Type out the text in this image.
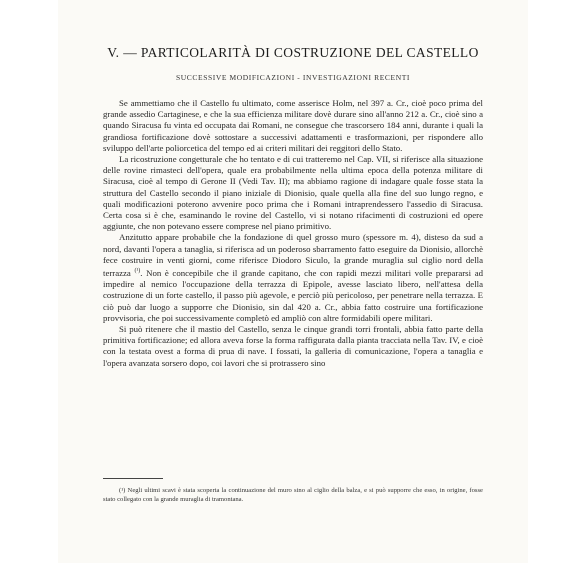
V. — PARTICOLARITÀ DI COSTRUZIONE DEL CASTELLO
SUCCESSIVE MODIFICAZIONI - INVESTIGAZIONI RECENTI

Se ammettiamo che il Castello fu ultimato, come asserisce Holm, nel 397 a. Cr., cioè poco prima del grande assedio Cartaginese, e che la sua efficienza militare dovè durare sino all'anno 212 a. Cr., cioè sino a quando Siracusa fu vinta ed occupata dai Romani, ne consegue che trascorsero 184 anni, durante i quali la grandiosa fortificazione dovè sottostare a successivi adattamenti e trasformazioni, per rispondere allo sviluppo dell'arte poliorcetica del tempo ed ai criteri militari dei reggitori dello Stato.

La ricostruzione congetturale che ho tentato e di cui tratteremo nel Cap. VII, si riferisce alla situazione delle rovine rimasteci dell'opera, quale era probabilmente nella ultima epoca della potenza militare di Siracusa, cioè al tempo di Gerone II (Vedi Tav. II); ma abbiamo ragione di indagare quale fosse stata la struttura del Castello secondo il piano iniziale di Dionisio, quale quella alla fine del suo lungo regno, e quali modificazioni poterono avvenire poco prima che i Romani intraprendessero l'assedio di Siracusa. Certa cosa si è che, esaminando le rovine del Castello, vi si notano rifacimenti di costruzioni ed opere aggiunte, che non potevano essere comprese nel piano primitivo.

Anzitutto appare probabile che la fondazione di quel grosso muro (spessore m. 4), disteso da sud a nord, davanti l'opera a tanaglia, si riferisca ad un poderoso sbarramento fatto eseguire da Dionisio, allorchè fece costruire in venti giorni, come riferisce Diodoro Siculo, la grande muraglia sul ciglio nord della terrazza $^{(^1)}$. Non è concepibile che il grande capitano, che con rapidi mezzi militari volle prepararsi ad impedire al nemico l'occupazione della terrazza di Epipole, avesse lasciato libero, nell'attesa della costruzione di un forte castello, il passo più agevole, e perciò più pericoloso, per penetrare nella terrazza. E ciò può dar luogo a supporre che Dionisio, sin dal 420 a. Cr., abbia fatto costruire una fortificazione provvisoria, che poi successivamente completò ed ampliò con altre formidabili opere militari.

Si può ritenere che il mastio del Castello, senza le cinque grandi torri frontali, abbia fatto parte della primitiva fortificazione; ed allora aveva forse la forma raffigurata dalla pianta tracciata nella Tav. IV, e cioè con la testata ovest a forma di prua di nave. I fossati, la galleria di comunicazione, l'opera a tanaglia e l'opera avanzata sorsero dopo, coi lavori che si protrassero sino

(¹) Negli ultimi scavi è stata scoperta la continuazione del muro sino al ciglio della balza, e si può supporre che esso, in origine, fosse stato collegato con la grande muraglia di tramontana.
